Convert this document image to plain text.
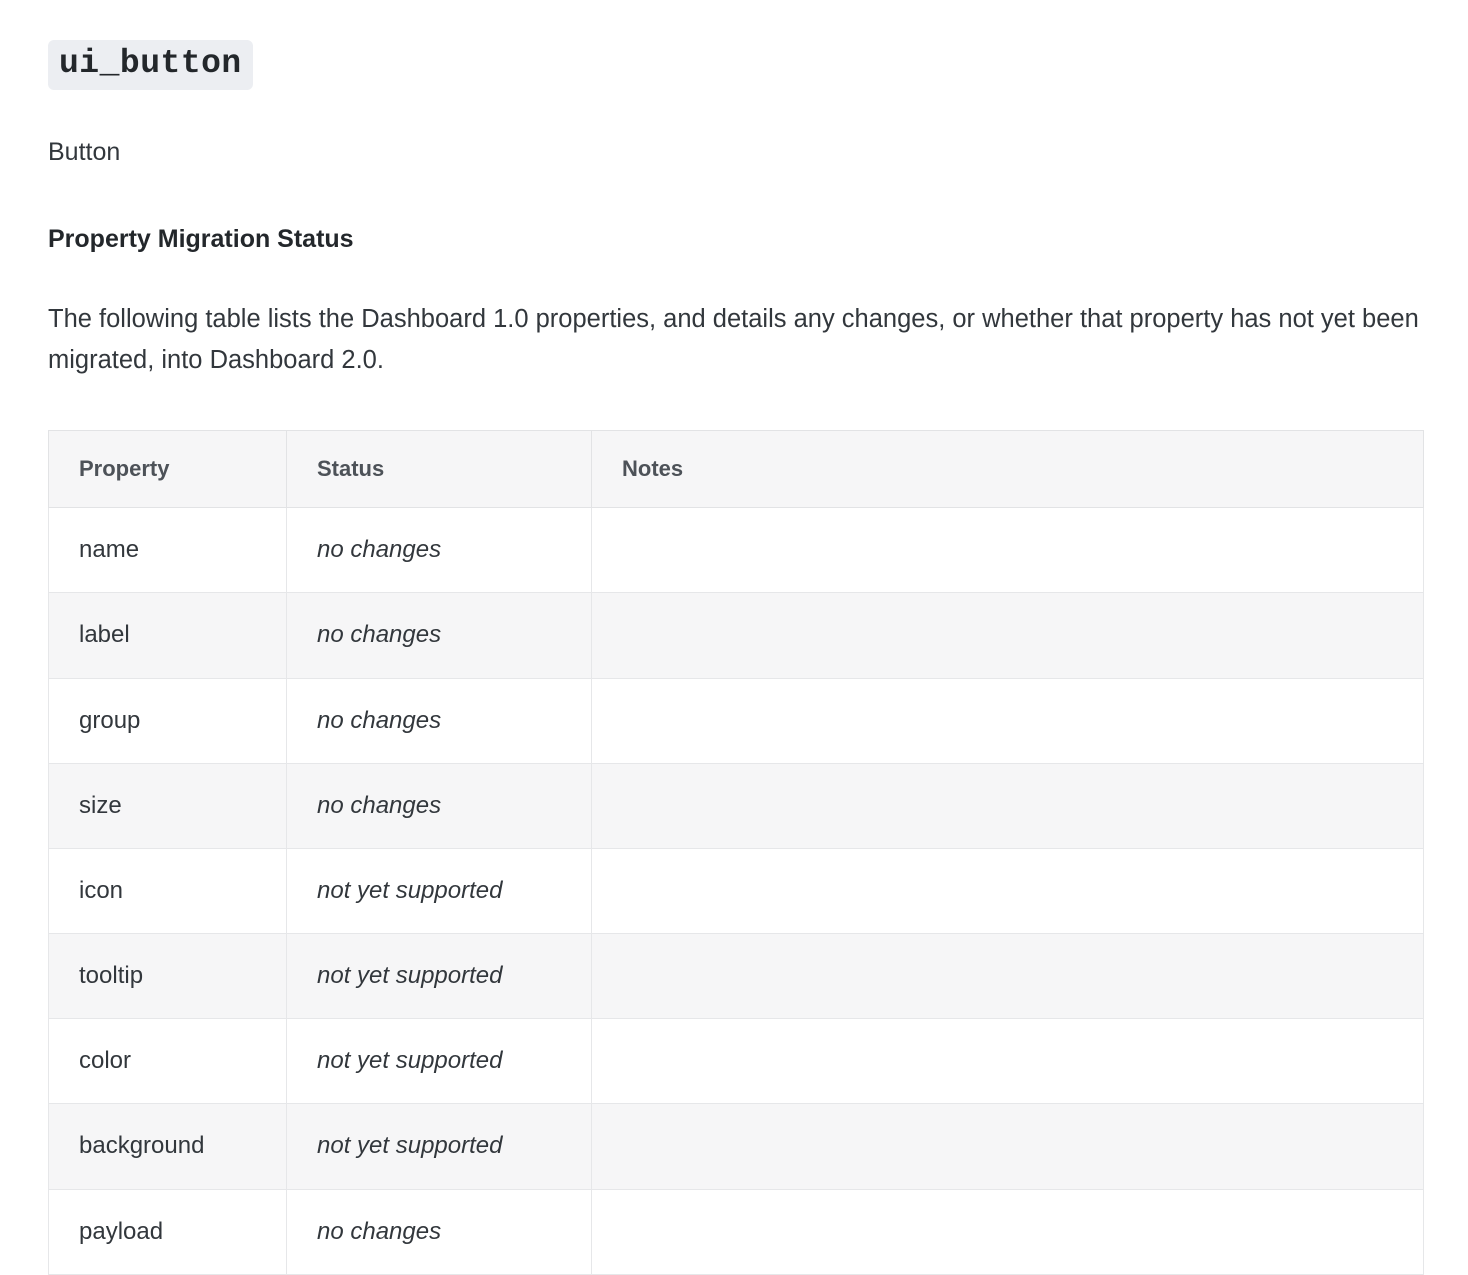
ui_button

Button

Property Migration Status

The following table lists the Dashboard 1.0 properties, and details any changes, or whether that property has not yet been migrated, into Dashboard 2.0.

Property	Status	Notes
name	no changes	
label	no changes	
group	no changes	
size	no changes	
icon	not yet supported	
tooltip	not yet supported	
color	not yet supported	
background	not yet supported	
payload	no changes	
